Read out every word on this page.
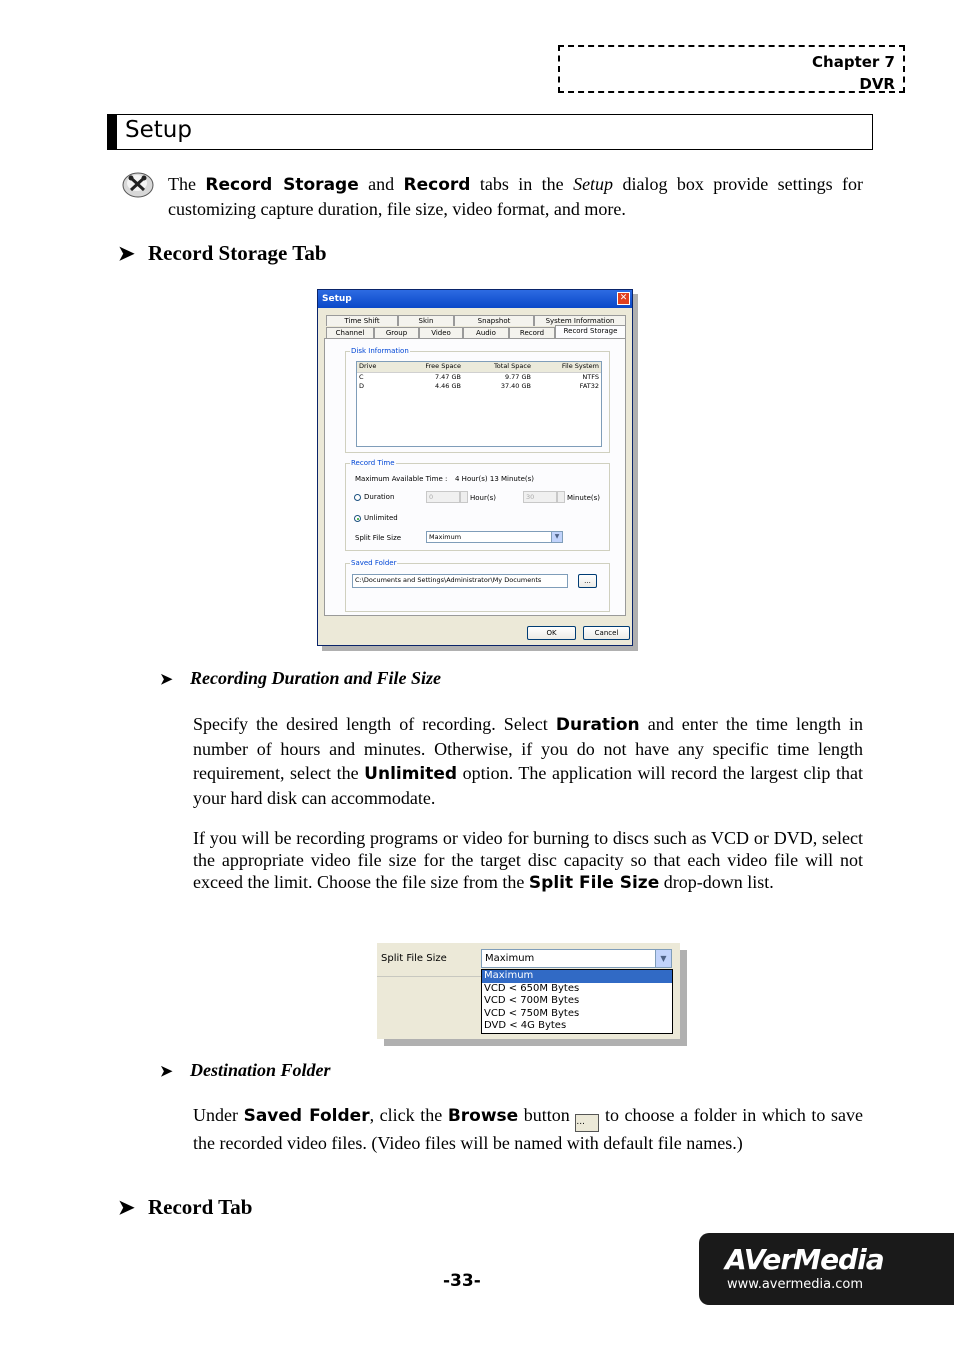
Chapter 7
DVR
Setup
The Record Storage and Record tabs in the Setup dialog box provide settings for customizing capture duration, file size, video format, and more.
➤ Record Storage Tab
Setup	✕
Time Shift	Skin	Snapshot	System Information
Channel	Group	Video	Audio	Record	Record Storage
Disk Information
Drive	Free Space	Total Space	File System
C	7.47 GB	9.77 GB	NTFS
D	4.46 GB	37.40 GB	FAT32
Record Time
Maximum Available Time : 4 Hour(s) 13 Minute(s)
Duration	0	Hour(s)	30	Minute(s)
Unlimited
Split File Size	Maximum	▼
Saved Folder
C:\Documents and Settings\Administrator\My Documents	...
OK	Cancel
➤ Recording Duration and File Size
Specify the desired length of recording. Select Duration and enter the time length in number of hours and minutes. Otherwise, if you do not have any specific time length requirement, select the Unlimited option. The application will record the largest clip that your hard disk can accommodate.
If you will be recording programs or video for burning to discs such as VCD or DVD, select the appropriate video file size for the target disc capacity so that each video file will not exceed the limit. Choose the file size from the Split File Size drop-down list.
Split File Size	Maximum	▼
Maximum
VCD < 650M Bytes
VCD < 700M Bytes
VCD < 750M Bytes
DVD < 4G Bytes
➤ Destination Folder
Under Saved Folder, click the Browse button ... to choose a folder in which to save the recorded video files. (Video files will be named with default file names.)
➤ Record Tab
-33-
AVerMedia
www.avermedia.com
